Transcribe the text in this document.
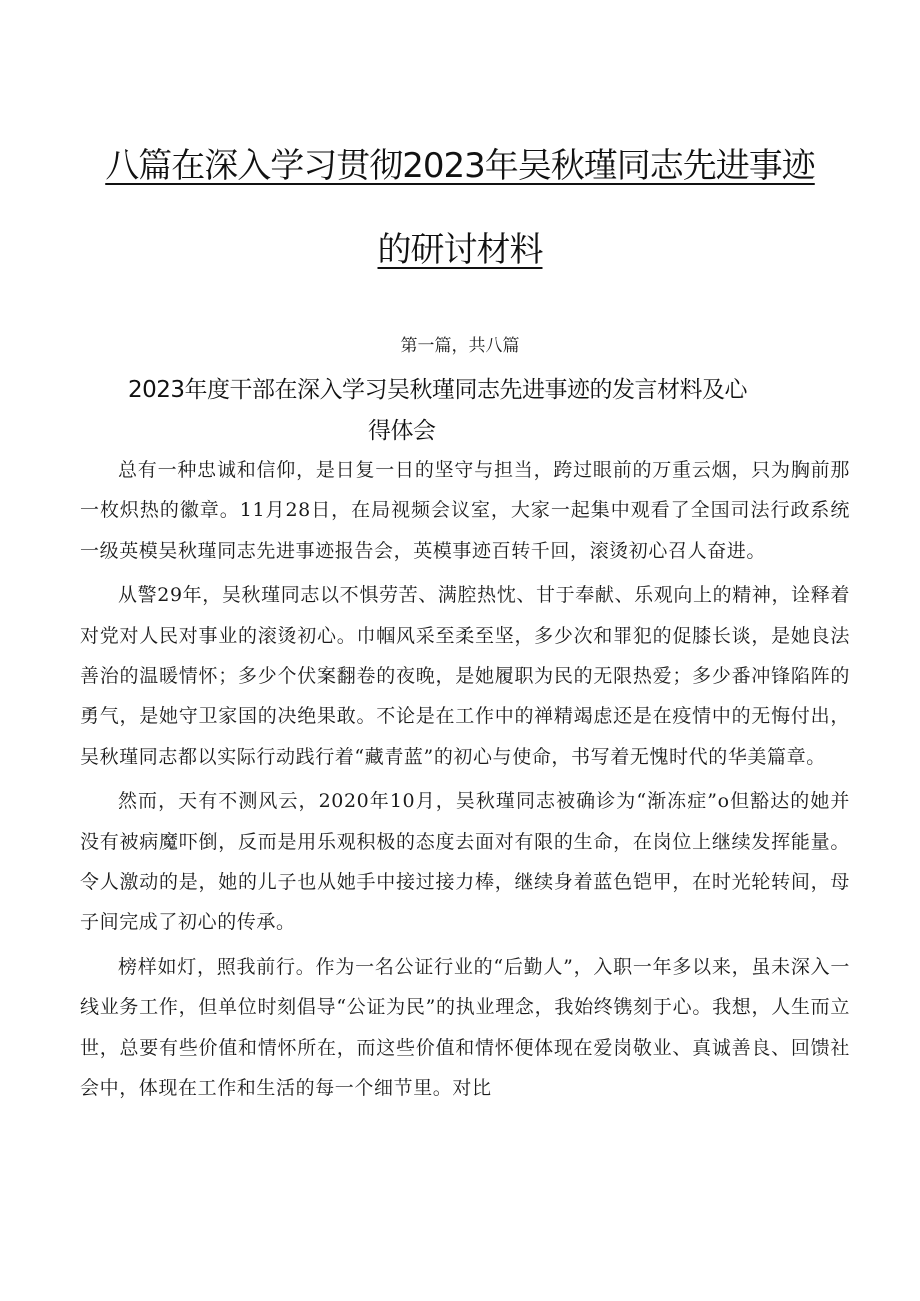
八篇在深入学习贯彻2023年吴秋瑾同志先进事迹
的研讨材料
第一篇，共八篇
2023年度干部在深入学习吴秋瑾同志先进事迹的发言材料及心
得体会

总有一种忠诚和信仰，是日复一日的坚守与担当，跨过眼前的万重云烟，只为胸前那一枚炽热的徽章。11月28日，在局视频会议室，大家一起集中观看了全国司法行政系统一级英模吴秋瑾同志先进事迹报告会，英模事迹百转千回，滚烫初心召人奋进。

从警29年，吴秋瑾同志以不惧劳苦、满腔热忱、甘于奉献、乐观向上的精神，诠释着对党对人民对事业的滚烫初心。巾帼风采至柔至坚，多少次和罪犯的促膝长谈，是她良法善治的温暖情怀；多少个伏案翻卷的夜晚，是她履职为民的无限热爱；多少番冲锋陷阵的勇气，是她守卫家国的决绝果敢。不论是在工作中的禅精竭虑还是在疫情中的无悔付出，吴秋瑾同志都以实际行动践行着“藏青蓝”的初心与使命，书写着无愧时代的华美篇章。

然而，天有不测风云，2020年10月，吴秋瑾同志被确诊为“渐冻症”o但豁达的她并没有被病魔吓倒，反而是用乐观积极的态度去面对有限的生命，在岗位上继续发挥能量。令人激动的是，她的儿子也从她手中接过接力棒，继续身着蓝色铠甲，在时光轮转间，母子间完成了初心的传承。

榜样如灯，照我前行。作为一名公证行业的“后勤人”，入职一年多以来，虽未深入一线业务工作，但单位时刻倡导“公证为民”的执业理念，我始终镌刻于心。我想，人生而立世，总要有些价值和情怀所在，而这些价值和情怀便体现在爱岗敬业、真诚善良、回馈社会中，体现在工作和生活的每一个细节里。对比
